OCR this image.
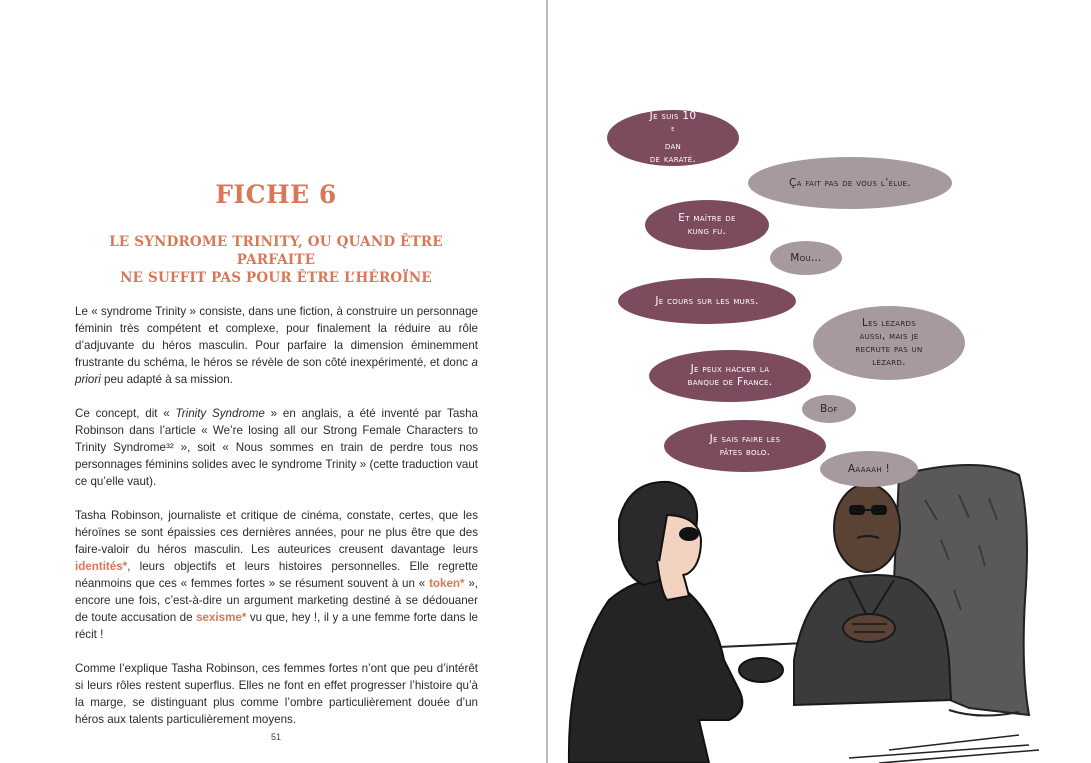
FICHE 6
LE SYNDROME TRINITY, OU QUAND ÊTRE PARFAITE
NE SUFFIT PAS POUR ÊTRE L’HÉROÏNE

Le « syndrome Trinity » consiste, dans une fiction, à construire un personnage féminin très compétent et complexe, pour finalement la réduire au rôle d’adjuvante du héros masculin. Pour parfaire la dimension éminemment frustrante du schéma, le héros se révèle de son côté inexpérimenté, et donc a priori peu adapté à sa mission.

Ce concept, dit « Trinity Syndrome » en anglais, a été inventé par Tasha Robinson dans l’article « We’re losing all our Strong Female Characters to Trinity Syndrome³² », soit « Nous sommes en train de perdre tous nos personnages féminins solides avec le syndrome Trinity » (cette traduction vaut ce qu’elle vaut).

Tasha Robinson, journaliste et critique de cinéma, constate, certes, que les héroïnes se sont épaissies ces dernières années, pour ne plus être que des faire-valoir du héros masculin. Les auteurices creusent davantage leurs identités*, leurs objectifs et leurs histoires personnelles. Elle regrette néanmoins que ces « femmes fortes » se résument souvent à un « token* », encore une fois, c’est-à-dire un argument marketing destiné à se dédouaner de toute accusation de sexisme* vu que, hey !, il y a une femme forte dans le récit !

Comme l’explique Tasha Robinson, ces femmes fortes n’ont que peu d’intérêt si leurs rôles restent superflus. Elles ne font en effet progresser l’histoire qu’à la marge, se distinguant plus comme l’ombre particulièrement douée d’un héros aux talents particulièrement moyens.

51
Je suis 10
$^e$
dan
de karaté.
Ça fait pas de vous l’élue.
Et maître de
kung fu.
Mou…
Je cours sur les murs.
Les lézards
aussi, mais je
recrute pas un
lézard.
Je peux hacker la
banque de France.
Bof
Je sais faire les
pâtes bolo.
Aaaaah !
